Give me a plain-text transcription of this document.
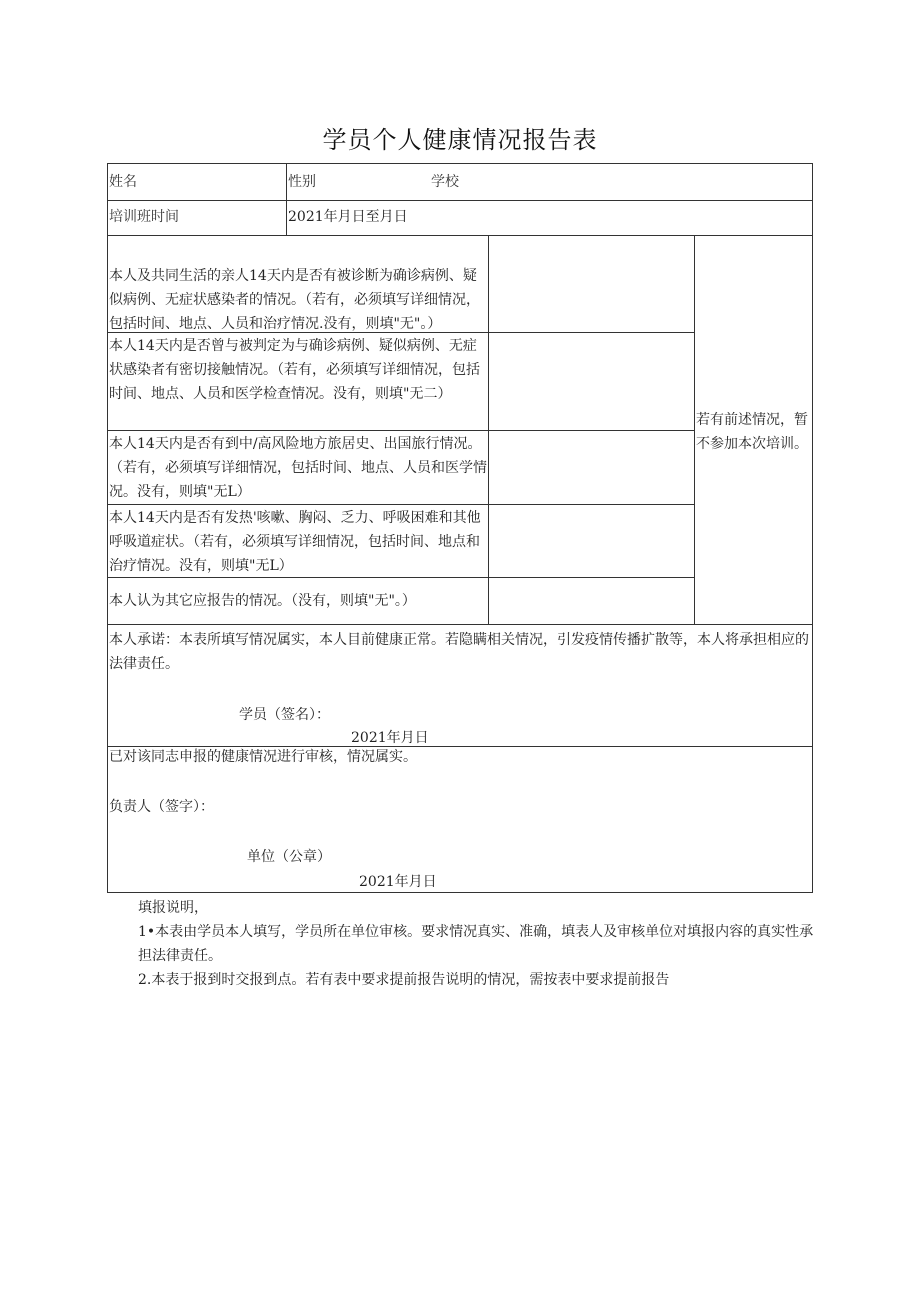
学员个人健康情况报告表
姓名	性别	学校
培训班时间	2021年月日至月日
本人及共同生活的亲人14天内是否有被诊断为确诊病例、疑似病例、无症状感染者的情况。（若有，必须填写详细情况，包括时间、地点、人员和治疗情况.没有，则填"无"。）
本人14天内是否曾与被判定为与确诊病例、疑似病例、无症状感染者有密切接触情况。（若有，必须填写详细情况，包括时间、地点、人员和医学检查情况。没有，则填"无二）
本人14天内是否有到中/高风险地方旅居史、出国旅行情况。（若有，必须填写详细情况，包括时间、地点、人员和医学情况。没有，则填"无L）
本人14天内是否有发热'咳嗽、胸闷、乏力、呼吸困难和其他呼吸道症状。（若有，必须填写详细情况，包括时间、地点和治疗情况。没有，则填"无L）
本人认为其它应报告的情况。（没有，则填"无"。）
若有前述情况，暂不参加本次培训。
本人承诺：本表所填写情况属实，本人目前健康正常。若隐瞒相关情况，引发疫情传播扩散等，本人将承担相应的法律责任。
学员（签名）：
2021年月日
已对该同志申报的健康情况进行审核，情况属实。
负责人（签字）：
单位（公章）
2021年月日
填报说明，
1•本表由学员本人填写，学员所在单位审核。要求情况真实、准确，填表人及审核单位对填报内容的真实性承担法律责任。
2.本表于报到时交报到点。若有表中要求提前报告说明的情况，需按表中要求提前报告
